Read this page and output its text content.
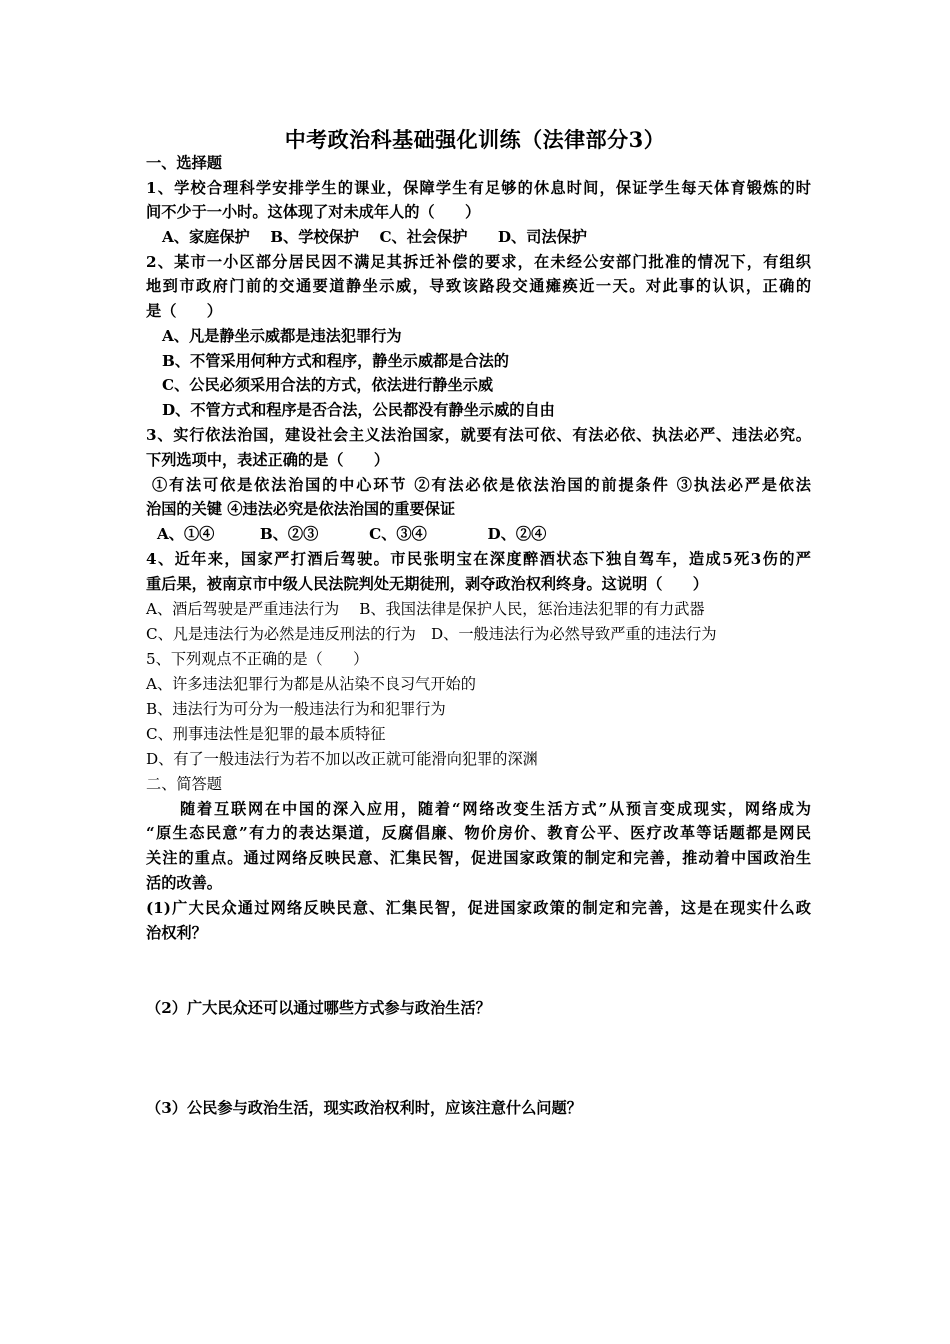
中考政治科基础强化训练（法律部分3）
一、选择题
1、学校合理科学安排学生的课业，保障学生有足够的休息时间，保证学生每天体育锻炼的时
间不少于一小时。这体现了对未成年人的（　　）
A、家庭保护　 B、学校保护　 C、社会保护　　D、司法保护
2、某市一小区部分居民因不满足其拆迁补偿的要求，在未经公安部门批准的情况下，有组织
地到市政府门前的交通要道静坐示威，导致该路段交通瘫痪近一天。对此事的认识，正确的
是（　　）
A、凡是静坐示威都是违法犯罪行为
B、不管采用何种方式和程序，静坐示威都是合法的
C、公民必须采用合法的方式，依法进行静坐示威
D、不管方式和程序是否合法，公民都没有静坐示威的自由
3、实行依法治国，建设社会主义法治国家，就要有法可依、有法必依、执法必严、违法必究。
下列选项中，表述正确的是（　　）
①有法可依是依法治国的中心环节 ②有法必依是依法治国的前提条件 ③执法必严是依法
治国的关键 ④违法必究是依法治国的重要保证
A、①④　　　B、②③　　　 C、③④　　　　D、②④
4、近年来，国家严打酒后驾驶。市民张明宝在深度醉酒状态下独自驾车，造成5死3伤的严
重后果，被南京市中级人民法院判处无期徒刑，剥夺政治权利终身。这说明（　　）
A、酒后驾驶是严重违法行为　 B、我国法律是保护人民，惩治违法犯罪的有力武器
C、凡是违法行为必然是违反刑法的行为　D、一般违法行为必然导致严重的违法行为
5、下列观点不正确的是（　　）
A、许多违法犯罪行为都是从沾染不良习气开始的
B、违法行为可分为一般违法行为和犯罪行为
C、刑事违法性是犯罪的最本质特征
D、有了一般违法行为若不加以改正就可能滑向犯罪的深渊
二、简答题
　　随着互联网在中国的深入应用，随着“网络改变生活方式”从预言变成现实，网络成为
“原生态民意”有力的表达渠道，反腐倡廉、物价房价、教育公平、医疗改革等话题都是网民
关注的重点。通过网络反映民意、汇集民智，促进国家政策的制定和完善，推动着中国政治生
活的改善。
(1)广大民众通过网络反映民意、汇集民智，促进国家政策的制定和完善，这是在现实什么政
治权利？
（2）广大民众还可以通过哪些方式参与政治生活？
（3）公民参与政治生活，现实政治权利时，应该注意什么问题？
